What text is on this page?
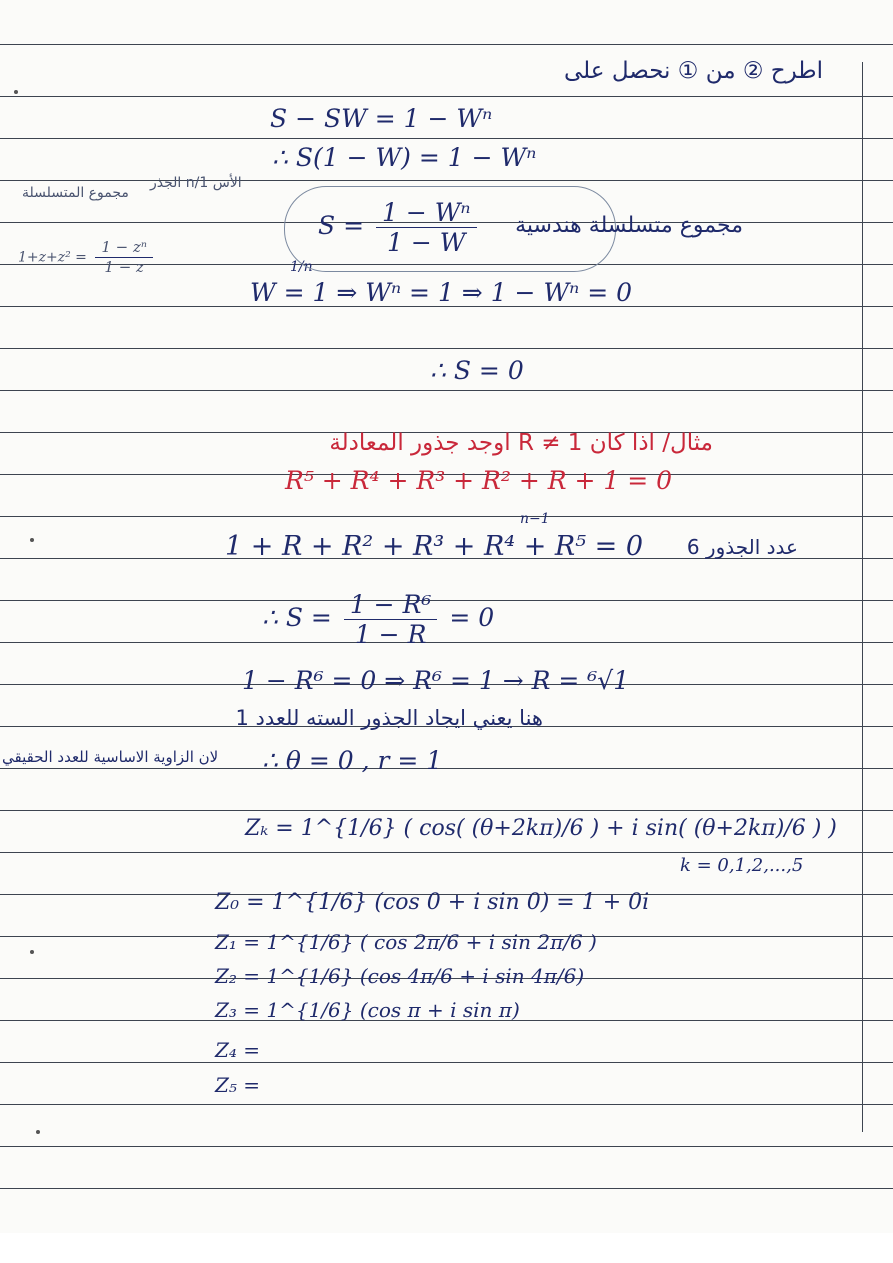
اطرح ② من ① نحصل على
S − SW = 1 − Wⁿ
∴ S(1 − W) = 1 − Wⁿ
مجموع المتسلسلة
الأس 1/n الجذر
$1+z+z^2 = \frac{\text{1 − zⁿ}}{1 - z}$	1/n
$S = \frac{\text{1 − Wⁿ}}{1 - W}$ مجموع متسلسلة هندسية
W = 1 ⇒ Wⁿ = 1 ⇒ 1 − Wⁿ = 0
∴ S = 0
مثال/ اذا كان R ≠ 1 اوجد جذور المعادلة
R⁵ + R⁴ + R³ + R² + R + 1 = 0
n−1
1 + R + R² + R³ + R⁴ + R⁵ = 0 عدد الجذور 6
∴ $S = \frac{\text{1 − R⁶}}{1 - R} = 0$
1 − R⁶ = 0 ⇒ R⁶ = 1 → R = ⁶√1
هنا يعني ايجاد الجذور السته للعدد 1
لان الزاوية الاساسية للعدد الحقيقي ∴ θ = 0 , r = 1
Zₖ = 1^{1/6} ( cos( (θ+2kπ)/6 ) + i sin( (θ+2kπ)/6 ) )
k = 0,1,2,...,5
Z₀ = 1^{1/6} (cos 0 + i sin 0) = 1 + 0i
Z₁ = 1^{1/6} ( cos 2π/6 + i sin 2π/6 )
Z₂ = 1^{1/6} (cos 4π/6 + i sin 4π/6)
Z₃ = 1^{1/6} (cos π + i sin π)
Z₄ =
Z₅ =
